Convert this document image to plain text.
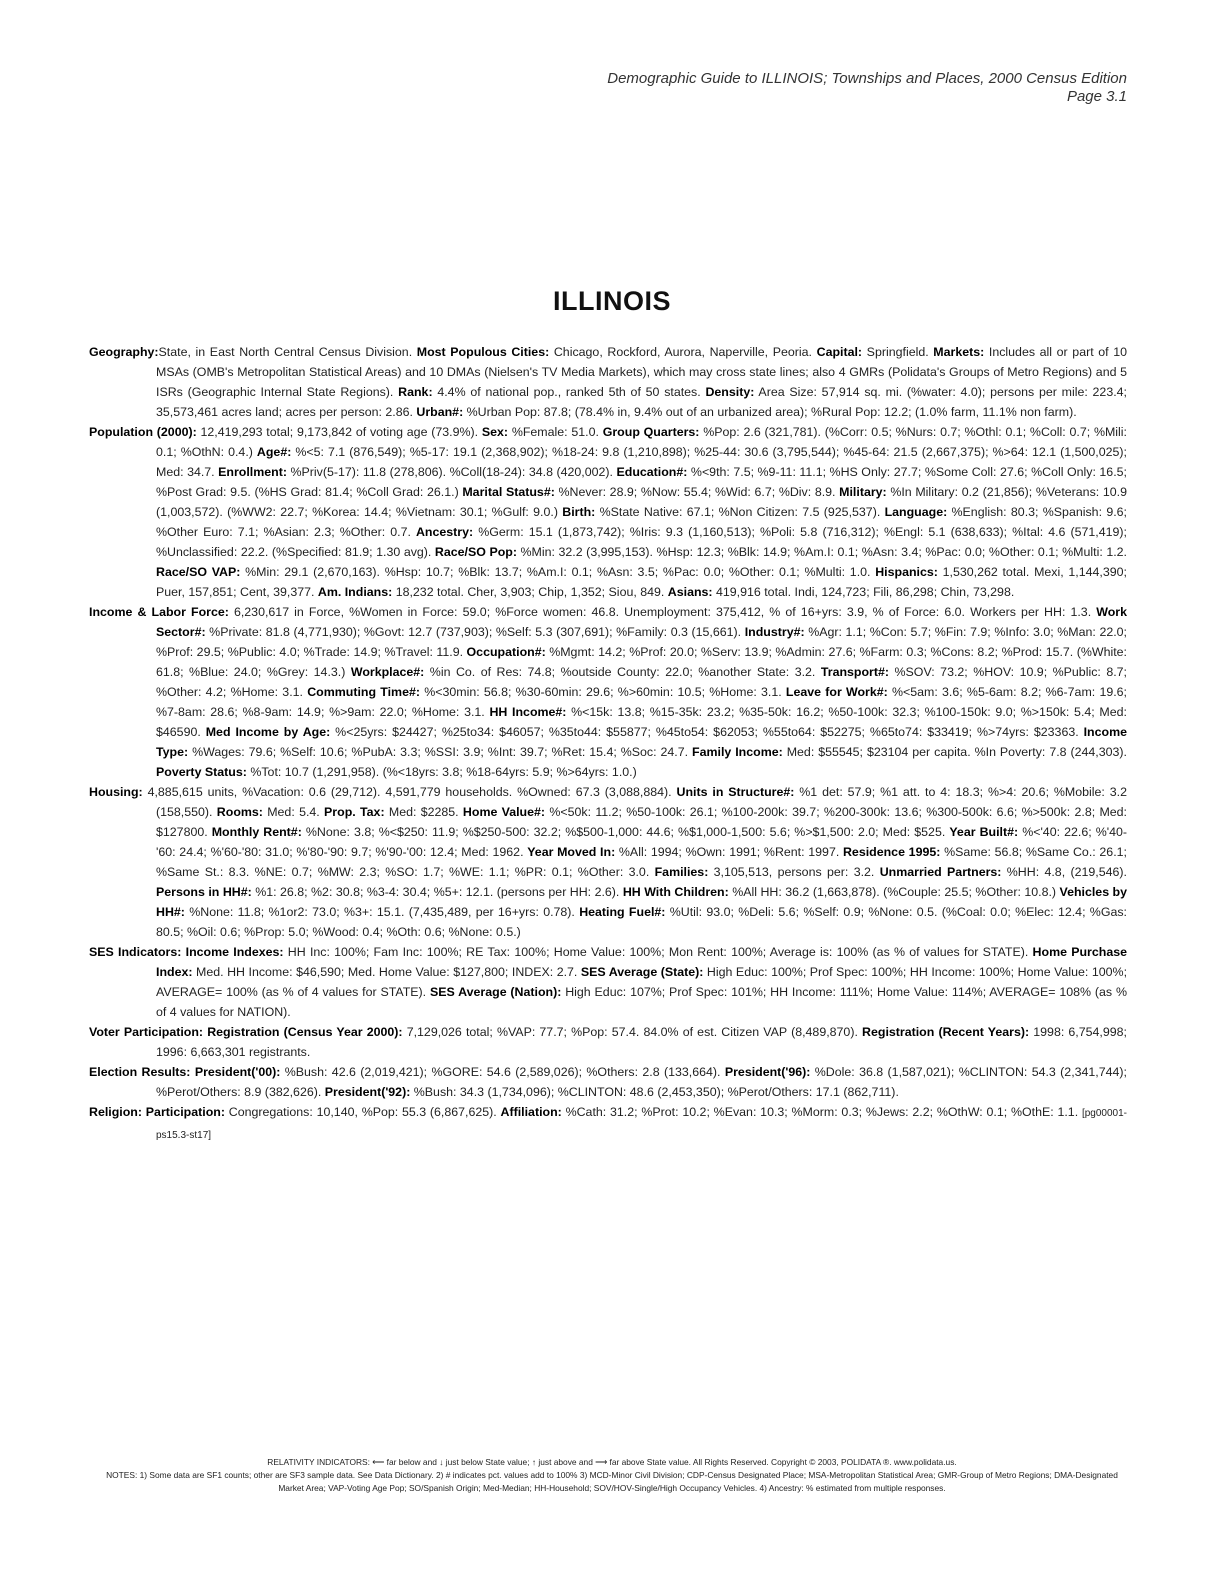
Demographic Guide to ILLINOIS; Townships and Places, 2000 Census Edition
Page 3.1
ILLINOIS

Geography:State, in East North Central Census Division. Most Populous Cities: Chicago, Rockford, Aurora, Naperville, Peoria. Capital: Springfield. Markets: Includes all or part of 10 MSAs (OMB's Metropolitan Statistical Areas) and 10 DMAs (Nielsen's TV Media Markets), which may cross state lines; also 4 GMRs (Polidata's Groups of Metro Regions) and 5 ISRs (Geographic Internal State Regions). Rank: 4.4% of national pop., ranked 5th of 50 states. Density: Area Size: 57,914 sq. mi. (%water: 4.0); persons per mile: 223.4; 35,573,461 acres land; acres per person: 2.86. Urban#: %Urban Pop: 87.8; (78.4% in, 9.4% out of an urbanized area); %Rural Pop: 12.2; (1.0% farm, 11.1% non farm).

Population (2000): 12,419,293 total; 9,173,842 of voting age (73.9%). Sex: %Female: 51.0. Group Quarters: %Pop: 2.6 (321,781). (%Corr: 0.5; %Nurs: 0.7; %Othl: 0.1; %Coll: 0.7; %Mili: 0.1; %OthN: 0.4.) Age#: %<5: 7.1 (876,549); %5-17: 19.1 (2,368,902); %18-24: 9.8 (1,210,898); %25-44: 30.6 (3,795,544); %45-64: 21.5 (2,667,375); %>64: 12.1 (1,500,025); Med: 34.7. Enrollment: %Priv(5-17): 11.8 (278,806). %Coll(18-24): 34.8 (420,002). Education#: %<9th: 7.5; %9-11: 11.1; %HS Only: 27.7; %Some Coll: 27.6; %Coll Only: 16.5; %Post Grad: 9.5. (%HS Grad: 81.4; %Coll Grad: 26.1.) Marital Status#: %Never: 28.9; %Now: 55.4; %Wid: 6.7; %Div: 8.9. Military: %In Military: 0.2 (21,856); %Veterans: 10.9 (1,003,572). (%WW2: 22.7; %Korea: 14.4; %Vietnam: 30.1; %Gulf: 9.0.) Birth: %State Native: 67.1; %Non Citizen: 7.5 (925,537). Language: %English: 80.3; %Spanish: 9.6; %Other Euro: 7.1; %Asian: 2.3; %Other: 0.7. Ancestry: %Germ: 15.1 (1,873,742); %Iris: 9.3 (1,160,513); %Poli: 5.8 (716,312); %Engl: 5.1 (638,633); %Ital: 4.6 (571,419); %Unclassified: 22.2. (%Specified: 81.9; 1.30 avg). Race/SO Pop: %Min: 32.2 (3,995,153). %Hsp: 12.3; %Blk: 14.9; %Am.I: 0.1; %Asn: 3.4; %Pac: 0.0; %Other: 0.1; %Multi: 1.2. Race/SO VAP: %Min: 29.1 (2,670,163). %Hsp: 10.7; %Blk: 13.7; %Am.I: 0.1; %Asn: 3.5; %Pac: 0.0; %Other: 0.1; %Multi: 1.0. Hispanics: 1,530,262 total. Mexi, 1,144,390; Puer, 157,851; Cent, 39,377. Am. Indians: 18,232 total. Cher, 3,903; Chip, 1,352; Siou, 849. Asians: 419,916 total. Indi, 124,723; Fili, 86,298; Chin, 73,298.

Income & Labor Force: 6,230,617 in Force, %Women in Force: 59.0; %Force women: 46.8. Unemployment: 375,412, % of 16+yrs: 3.9, % of Force: 6.0. Workers per HH: 1.3. Work Sector#: %Private: 81.8 (4,771,930); %Govt: 12.7 (737,903); %Self: 5.3 (307,691); %Family: 0.3 (15,661). Industry#: %Agr: 1.1; %Con: 5.7; %Fin: 7.9; %Info: 3.0; %Man: 22.0; %Prof: 29.5; %Public: 4.0; %Trade: 14.9; %Travel: 11.9. Occupation#: %Mgmt: 14.2; %Prof: 20.0; %Serv: 13.9; %Admin: 27.6; %Farm: 0.3; %Cons: 8.2; %Prod: 15.7. (%White: 61.8; %Blue: 24.0; %Grey: 14.3.) Workplace#: %in Co. of Res: 74.8; %outside County: 22.0; %another State: 3.2. Transport#: %SOV: 73.2; %HOV: 10.9; %Public: 8.7; %Other: 4.2; %Home: 3.1. Commuting Time#: %<30min: 56.8; %30-60min: 29.6; %>60min: 10.5; %Home: 3.1. Leave for Work#: %<5am: 3.6; %5-6am: 8.2; %6-7am: 19.6; %7-8am: 28.6; %8-9am: 14.9; %>9am: 22.0; %Home: 3.1. HH Income#: %<15k: 13.8; %15-35k: 23.2; %35-50k: 16.2; %50-100k: 32.3; %100-150k: 9.0; %>150k: 5.4; Med: $46590. Med Income by Age: %<25yrs: $24427; %25to34: $46057; %35to44: $55877; %45to54: $62053; %55to64: $52275; %65to74: $33419; %>74yrs: $23363. Income Type: %Wages: 79.6; %Self: 10.6; %PubA: 3.3; %SSI: 3.9; %Int: 39.7; %Ret: 15.4; %Soc: 24.7. Family Income: Med: $55545; $23104 per capita. %In Poverty: 7.8 (244,303). Poverty Status: %Tot: 10.7 (1,291,958). (%<18yrs: 3.8; %18-64yrs: 5.9; %>64yrs: 1.0.)

Housing: 4,885,615 units, %Vacation: 0.6 (29,712). 4,591,779 households. %Owned: 67.3 (3,088,884). Units in Structure#: %1 det: 57.9; %1 att. to 4: 18.3; %>4: 20.6; %Mobile: 3.2 (158,550). Rooms: Med: 5.4. Prop. Tax: Med: $2285. Home Value#: %<50k: 11.2; %50-100k: 26.1; %100-200k: 39.7; %200-300k: 13.6; %300-500k: 6.6; %>500k: 2.8; Med: $127800. Monthly Rent#: %None: 3.8; %<$250: 11.9; %$250-500: 32.2; %$500-1,000: 44.6; %$1,000-1,500: 5.6; %>$1,500: 2.0; Med: $525. Year Built#: %<'40: 22.6; %'40-'60: 24.4; %'60-'80: 31.0; %'80-'90: 9.7; %'90-'00: 12.4; Med: 1962. Year Moved In: %All: 1994; %Own: 1991; %Rent: 1997. Residence 1995: %Same: 56.8; %Same Co.: 26.1; %Same St.: 8.3. %NE: 0.7; %MW: 2.3; %SO: 1.7; %WE: 1.1; %PR: 0.1; %Other: 3.0. Families: 3,105,513, persons per: 3.2. Unmarried Partners: %HH: 4.8, (219,546). Persons in HH#: %1: 26.8; %2: 30.8; %3-4: 30.4; %5+: 12.1. (persons per HH: 2.6). HH With Children: %All HH: 36.2 (1,663,878). (%Couple: 25.5; %Other: 10.8.) Vehicles by HH#: %None: 11.8; %1or2: 73.0; %3+: 15.1. (7,435,489, per 16+yrs: 0.78). Heating Fuel#: %Util: 93.0; %Deli: 5.6; %Self: 0.9; %None: 0.5. (%Coal: 0.0; %Elec: 12.4; %Gas: 80.5; %Oil: 0.6; %Prop: 5.0; %Wood: 0.4; %Oth: 0.6; %None: 0.5.)

SES Indicators: Income Indexes: HH Inc: 100%; Fam Inc: 100%; RE Tax: 100%; Home Value: 100%; Mon Rent: 100%; Average is: 100% (as % of values for STATE). Home Purchase Index: Med. HH Income: $46,590; Med. Home Value: $127,800; INDEX: 2.7. SES Average (State): High Educ: 100%; Prof Spec: 100%; HH Income: 100%; Home Value: 100%; AVERAGE= 100% (as % of 4 values for STATE). SES Average (Nation): High Educ: 107%; Prof Spec: 101%; HH Income: 111%; Home Value: 114%; AVERAGE= 108% (as % of 4 values for NATION).

Voter Participation: Registration (Census Year 2000): 7,129,026 total; %VAP: 77.7; %Pop: 57.4. 84.0% of est. Citizen VAP (8,489,870). Registration (Recent Years): 1998: 6,754,998; 1996: 6,663,301 registrants.

Election Results: President('00): %Bush: 42.6 (2,019,421); %GORE: 54.6 (2,589,026); %Others: 2.8 (133,664). President('96): %Dole: 36.8 (1,587,021); %CLINTON: 54.3 (2,341,744); %Perot/Others: 8.9 (382,626). President('92): %Bush: 34.3 (1,734,096); %CLINTON: 48.6 (2,453,350); %Perot/Others: 17.1 (862,711).

Religion: Participation: Congregations: 10,140, %Pop: 55.3 (6,867,625). Affiliation: %Cath: 31.2; %Prot: 10.2; %Evan: 10.3; %Morm: 0.3; %Jews: 2.2; %OthW: 0.1; %OthE: 1.1. [pg00001-ps15.3-st17]

RELATIVITY INDICATORS: ⟵ far below and ↓ just below State value; ↑ just above and ⟶ far above State value. All Rights Reserved. Copyright © 2003, POLIDATA ®. www.polidata.us.
NOTES: 1) Some data are SF1 counts; other are SF3 sample data. See Data Dictionary. 2) # indicates pct. values add to 100% 3) MCD-Minor Civil Division; CDP-Census Designated Place; MSA-Metropolitan Statistical Area; GMR-Group of Metro Regions; DMA-Designated Market Area; VAP-Voting Age Pop; SO/Spanish Origin; Med-Median; HH-Household; SOV/HOV-Single/High Occupancy Vehicles. 4) Ancestry: % estimated from multiple responses.
